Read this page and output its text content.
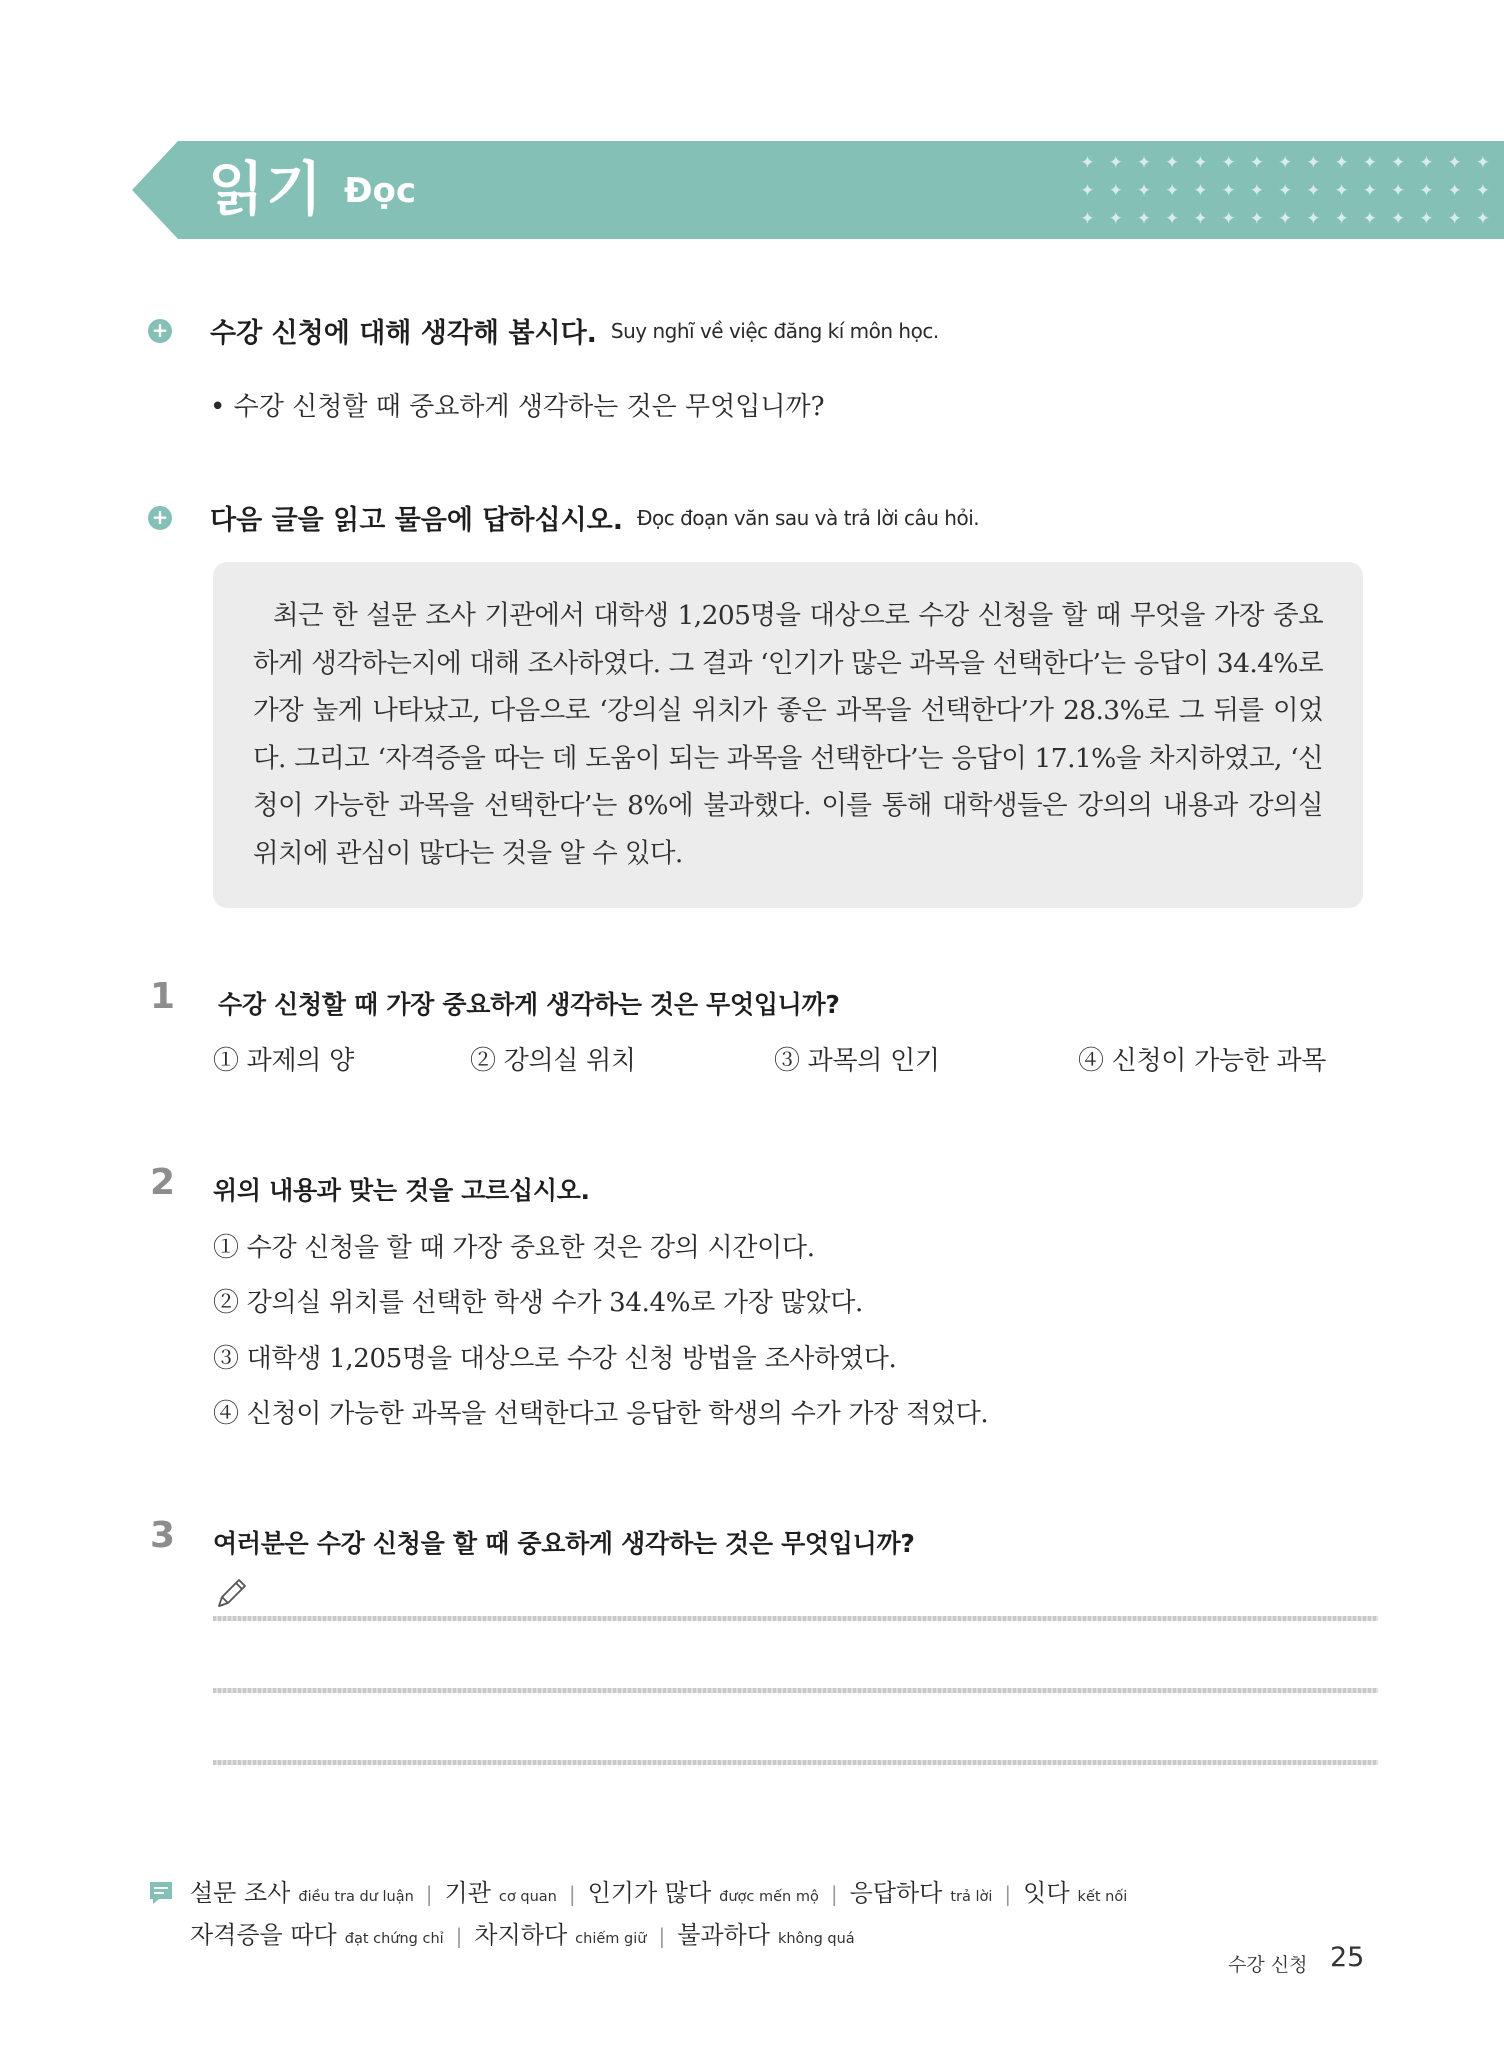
읽기 Đọc
✦✦✦✦✦✦✦✦✦✦✦✦✦✦✦
✦✦✦✦✦✦✦✦✦✦✦✦✦✦✦
✦✦✦✦✦✦✦✦✦✦✦✦✦✦✦
+ 수강 신청에 대해 생각해 봅시다. Suy nghĩ về việc đăng kí môn học.
• 수강 신청할 때 중요하게 생각하는 것은 무엇입니까?
+ 다음 글을 읽고 물음에 답하십시오. Đọc đoạn văn sau và trả lời câu hỏi.

최근 한 설문 조사 기관에서 대학생 1,205명을 대상으로 수강 신청을 할 때 무엇을 가장 중요하게 생각하는지에 대해 조사하였다. 그 결과 ‘인기가 많은 과목을 선택한다’는 응답이 34.4%로 가장 높게 나타났고, 다음으로 ‘강의실 위치가 좋은 과목을 선택한다’가 28.3%로 그 뒤를 이었다. 그리고 ‘자격증을 따는 데 도움이 되는 과목을 선택한다’는 응답이 17.1%을 차지하였고, ‘신청이 가능한 과목을 선택한다’는 8%에 불과했다. 이를 통해 대학생들은 강의의 내용과 강의실 위치에 관심이 많다는 것을 알 수 있다.

1 수강 신청할 때 가장 중요하게 생각하는 것은 무엇입니까?
① 과제의 양	② 강의실 위치	③ 과목의 인기	④ 신청이 가능한 과목
2 위의 내용과 맞는 것을 고르십시오.
① 수강 신청을 할 때 가장 중요한 것은 강의 시간이다.
② 강의실 위치를 선택한 학생 수가 34.4%로 가장 많았다.
③ 대학생 1,205명을 대상으로 수강 신청 방법을 조사하였다.
④ 신청이 가능한 과목을 선택한다고 응답한 학생의 수가 가장 적었다.
3 여러분은 수강 신청을 할 때 중요하게 생각하는 것은 무엇입니까?
설문 조사 điều tra dư luận | 기관 cơ quan | 인기가 많다 được mến mộ | 응답하다 trả lời | 잇다 kết nối
자격증을 따다 đạt chứng chỉ | 차지하다 chiếm giữ | 불과하다 không quá
수강 신청 25
